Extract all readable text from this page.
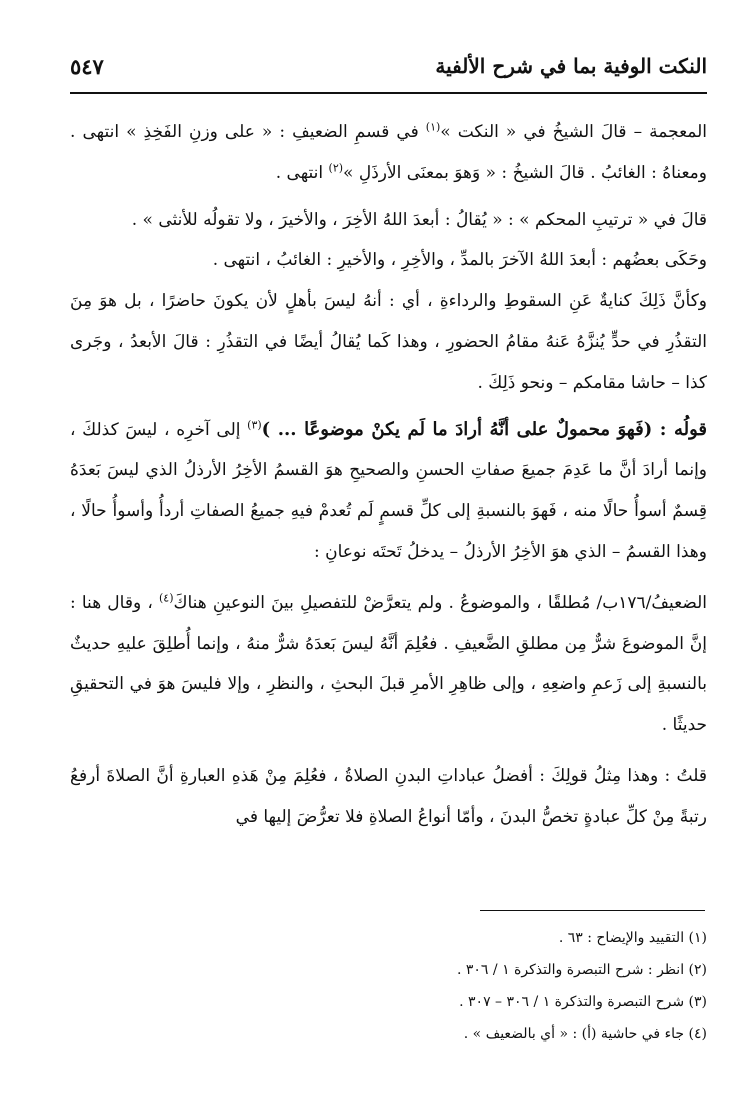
النكت الوفية بما في شرح الألفية
٥٤٧

المعجمة – قالَ الشيخُ في « النكت »$^{(١)}$ في قسمِ الضعيفِ : « على وزنِ الفَخِذِ » انتهى . ومعناهُ : الغائبُ . قالَ الشيخُ : « وَهوَ بمعنَى الأرذَلِ »$^{(٢)}$ انتهى .

قالَ في « ترتيبِ المحكم » : « يُقالُ : أبعدَ اللهُ الأخِرَ ، والأخيرَ ، ولا تقولُه للأنثى » .

وحَكَى بعضُهم : أبعدَ اللهُ الآخرَ بالمدِّ ، والأخِرِ ، والأخيرِ : الغائبُ ، انتهى .

وكأنَّ ذَلِكَ كنايةٌ عَنِ السقوطِ والرداءةِ ، أي : أنهُ ليسَ بأهلٍ لأن يكونَ حاضرًا ، بل هوَ مِنَ التقذُرِ في حدٍّ يُنزَّهُ عَنهُ مقامُ الحضورِ ، وهذا كَما يُقالُ أيضًا في التقذُرِ : قالَ الأبعدُ ، وجَرى كذا – حاشا مقامكم – ونحو ذَلِكَ .

قولُه : (فَهوَ محمولٌ على أنَّهُ أرادَ ما لَم يكنْ موضوعًا ... )$^{(٣)}$ إلى آخرِه ، ليسَ كذلكَ ، وإنما أرادَ أنَّ ما عَدِمَ جميعَ صفاتِ الحسنِ والصحيحِ هوَ القسمُ الأخِرُ الأرذلُ الذي ليسَ بَعدَهُ قِسمٌ أسوأُ حالًا منه ، فَهوَ بالنسبةِ إلى كلِّ قسمٍ لَم تُعدمْ فيهِ جميعُ الصفاتِ أردأُ وأسوأُ حالًا ، وهذا القسمُ – الذي هوَ الأخِرُ الأرذلُ – يدخلُ تَحتَه نوعانِ :

الضعيفُ/١٧٦ب/ مُطلقًا ، والموضوعُ . ولم يتعرَّضْ للتفصيلِ بينَ النوعينِ هناكَ$^{(٤)}$ ، وقال هنا : إنَّ الموضوعَ شرٌّ مِن مطلقِ الضَّعيفِ . فعُلِمَ أنَّهُ ليسَ بَعدَهُ شرٌّ منهُ ، وإنما أُطلِقَ عليهِ حديثٌ بالنسبةِ إلى زَعمِ واضعِهِ ، وإلى ظاهِرِ الأمرِ قبلَ البحثِ ، والنظرِ ، وإلا فليسَ هوَ في التحقيقِ حديثًا .

قلتُ : وهذا مِثلُ قولِكَ : أفضلُ عباداتِ البدنِ الصلاةُ ، فعُلِمَ مِنْ هَذهِ العبارةِ أنَّ الصلاةَ أرفعُ رتبةً مِنْ كلِّ عبادةٍ تخصُّ البدنَ ، وأمّا أنواعُ الصلاةِ فلا تعرُّضَ إليها في

(١) التقييد والإيضاح : ٦٣ .
(٢) انظر : شرح التبصرة والتذكرة ١ / ٣٠٦ .
(٣) شرح التبصرة والتذكرة ١ / ٣٠٦ – ٣٠٧ .
(٤) جاء في حاشية (أ) : « أي بالضعيف » .
